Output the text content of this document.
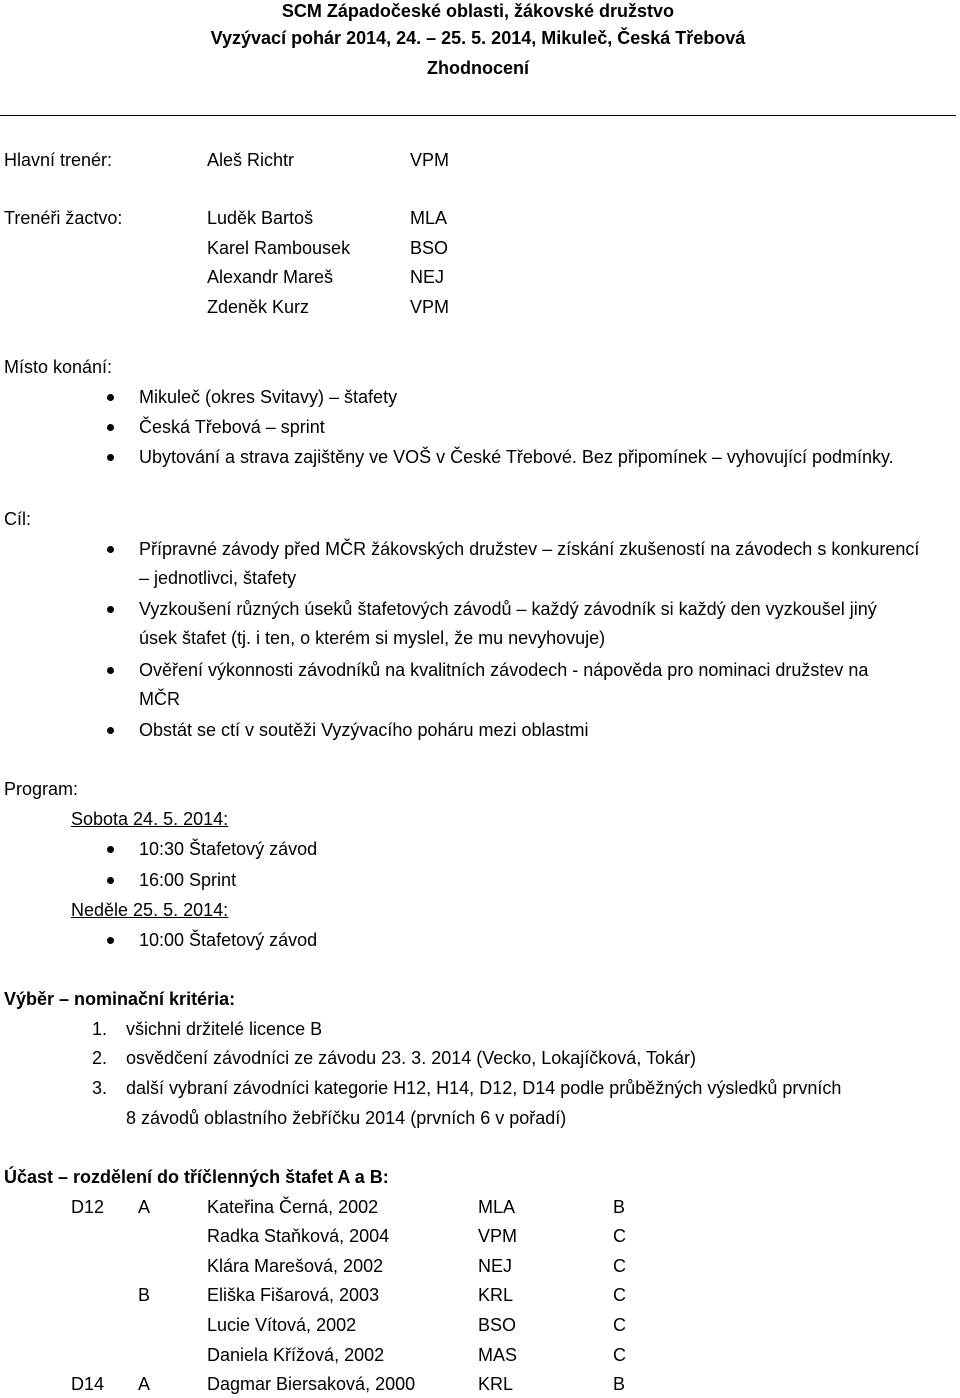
SCM Západočeské oblasti, žákovské družstvo
Vyzývací pohár 2014, 24. – 25. 5. 2014, Mikuleč, Česká Třebová
Zhodnocení
Hlavní trenér:	Aleš Richtr	VPM
Trenéři žactvo:	Luděk Bartoš	MLA
Karel Rambousek	BSO
Alexandr Mareš	NEJ
Zdeněk Kurz	VPM
Místo konání:
Mikuleč (okres Svitavy) – štafety
Česká Třebová – sprint
Ubytování a strava zajištěny ve VOŠ v České Třebové. Bez připomínek – vyhovující podmínky.
Cíl:
Přípravné závody před MČR žákovských družstev – získání zkušeností na závodech s konkurencí
– jednotlivci, štafety
Vyzkoušení různých úseků štafetových závodů – každý závodník si každý den vyzkoušel jiný
úsek štafet (tj. i ten, o kterém si myslel, že mu nevyhovuje)
Ověření výkonnosti závodníků na kvalitních závodech - nápověda pro nominaci družstev na
MČR
Obstát se ctí v soutěži Vyzývacího poháru mezi oblastmi
Program:
Sobota 24. 5. 2014:
10:30 Štafetový závod
16:00 Sprint
Neděle 25. 5. 2014:
10:00 Štafetový závod
Výběr – nominační kritéria:
1. všichni držitelé licence B
2. osvědčení závodníci ze závodu 23. 3. 2014 (Vecko, Lokajíčková, Tokár)
3. další vybraní závodníci kategorie H12, H14, D12, D14 podle průběžných výsledků prvních
8 závodů oblastního žebříčku 2014 (prvních 6 v pořadí)
Účast – rozdělení do tříčlenných štafet A a B:
D12 A	Kateřina Černá, 2002	MLA	B
Radka Staňková, 2004	VPM	C
Klára Marešová, 2002	NEJ	C
B	Eliška Fišarová, 2003	KRL	C
Lucie Vítová, 2002	BSO	C
Daniela Křížová, 2002	MAS	C
D14 A	Dagmar Biersaková, 2000	KRL	B
